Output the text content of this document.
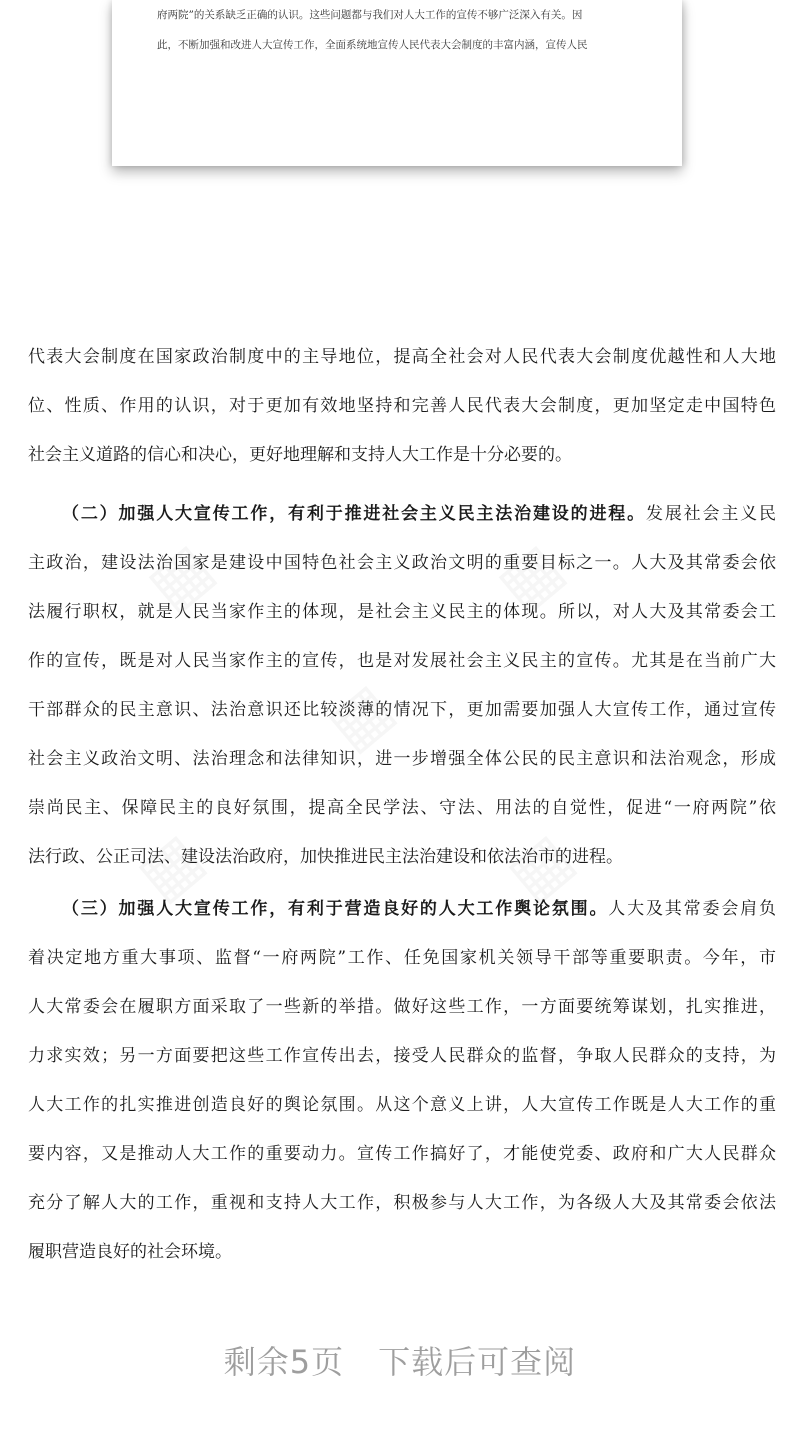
府两院”的关系缺乏正确的认识。这些问题都与我们对人大工作的宣传不够广泛深入有关。因

此，不断加强和改进人大宣传工作，全面系统地宣传人民代表大会制度的丰富内涵，宣传人民

代表大会制度在国家政治制度中的主导地位，提高全社会对人民代表大会制度优越性和人大地
位、性质、作用的认识，对于更加有效地坚持和完善人民代表大会制度，更加坚定走中国特色
社会主义道路的信心和决心，更好地理解和支持人大工作是十分必要的。
（二）加强人大宣传工作，有利于推进社会主义民主法治建设的进程。发展社会主义民
主政治，建设法治国家是建设中国特色社会主义政治文明的重要目标之一。人大及其常委会依
法履行职权，就是人民当家作主的体现，是社会主义民主的体现。所以，对人大及其常委会工
作的宣传，既是对人民当家作主的宣传，也是对发展社会主义民主的宣传。尤其是在当前广大
干部群众的民主意识、法治意识还比较淡薄的情况下，更加需要加强人大宣传工作，通过宣传
社会主义政治文明、法治理念和法律知识，进一步增强全体公民的民主意识和法治观念，形成
崇尚民主、保障民主的良好氛围，提高全民学法、守法、用法的自觉性，促进“一府两院”依
法行政、公正司法、建设法治政府，加快推进民主法治建设和依法治市的进程。
（三）加强人大宣传工作，有利于营造良好的人大工作舆论氛围。人大及其常委会肩负
着决定地方重大事项、监督“一府两院”工作、任免国家机关领导干部等重要职责。今年，市
人大常委会在履职方面采取了一些新的举措。做好这些工作，一方面要统筹谋划，扎实推进，
力求实效；另一方面要把这些工作宣传出去，接受人民群众的监督，争取人民群众的支持，为
人大工作的扎实推进创造良好的舆论氛围。从这个意义上讲，人大宣传工作既是人大工作的重
要内容，又是推动人大工作的重要动力。宣传工作搞好了，才能使党委、政府和广大人民群众
充分了解人大的工作，重视和支持人大工作，积极参与人大工作，为各级人大及其常委会依法
履职营造良好的社会环境。
剩余5页 下载后可查阅
